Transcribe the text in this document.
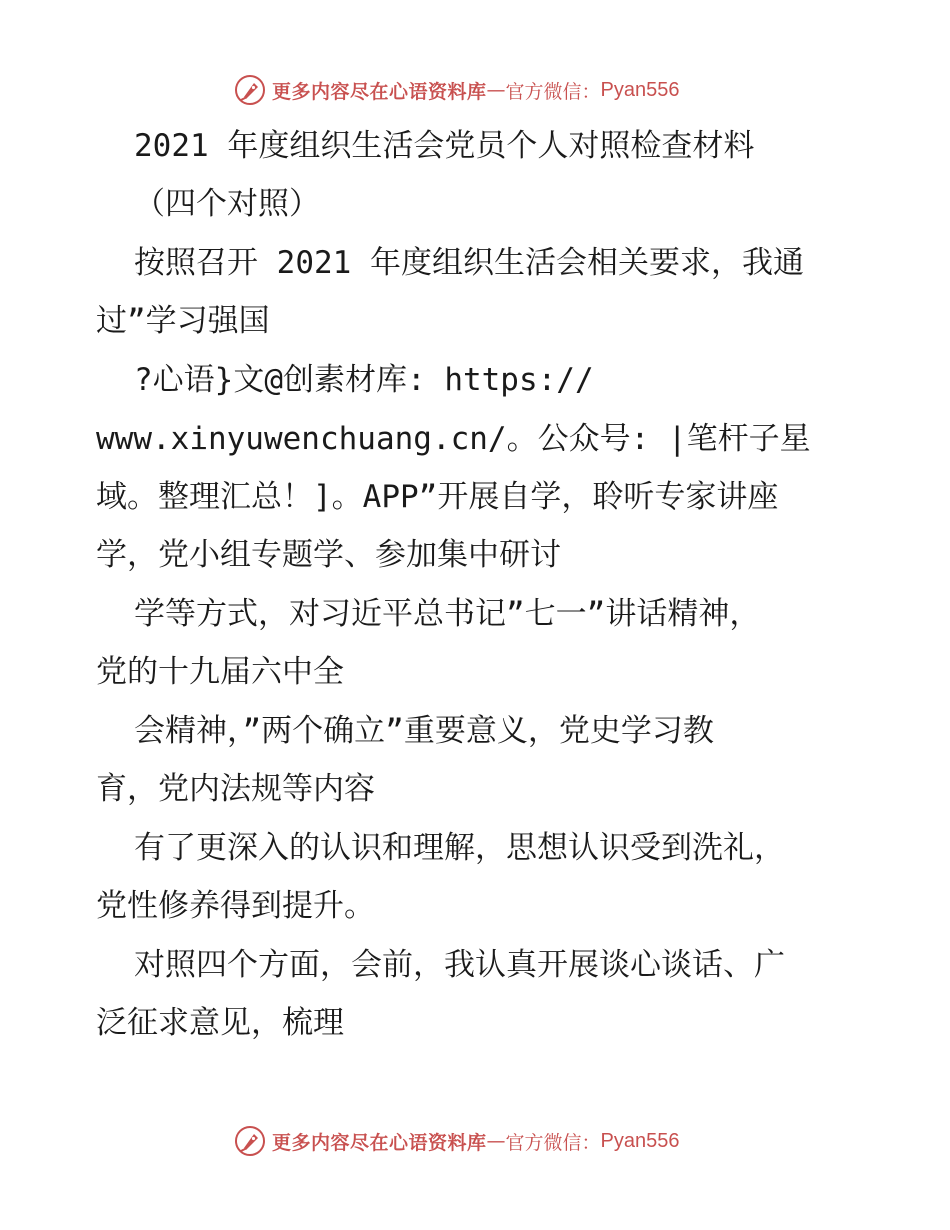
更多内容尽在心语资料库 — 官方微信： Pyan556
2021 年度组织生活会党员个人对照检查材料
（四个对照）
按照召开 2021 年度组织生活会相关要求，我通
过”学习强国
?心语}文@创素材库: https://
www.xinyuwenchuang.cn/。公众号: |笔杆子星
域。整理汇总！]。APP”开展自学，聆听专家讲座
学，党小组专题学、参加集中研讨
学等方式，对习近平总书记”七一”讲话精神，
党的十九届六中全
会精神，”两个确立”重要意义，党史学习教
育，党内法规等内容
有了更深入的认识和理解，思想认识受到洗礼，
党性修养得到提升。
对照四个方面，会前，我认真开展谈心谈话、广
泛征求意见，梳理
更多内容尽在心语资料库 — 官方微信： Pyan556
